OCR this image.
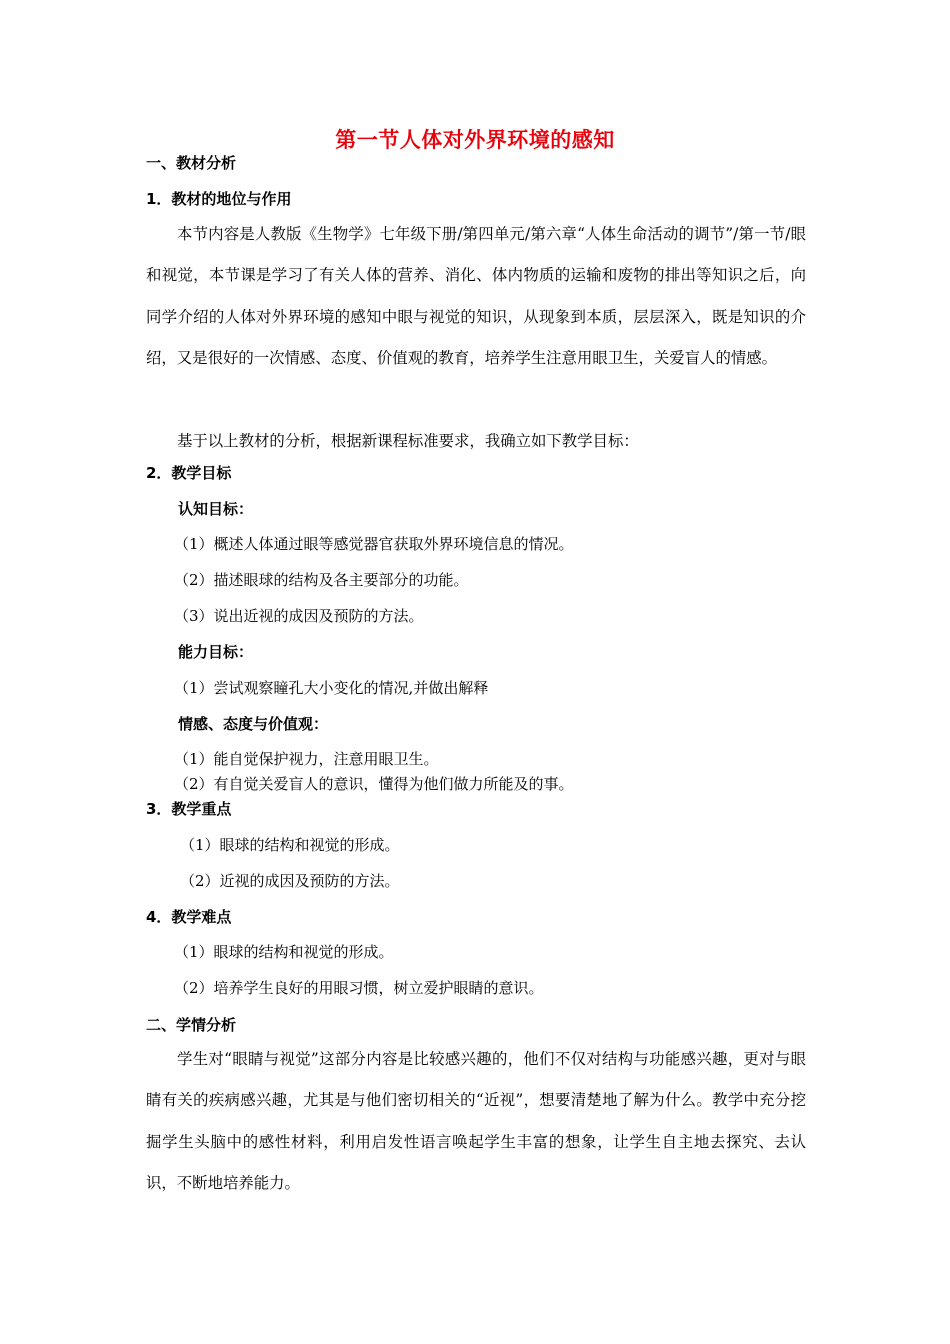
第一节人体对外界环境的感知
一、教材分析
1．教材的地位与作用
本节内容是人教版《生物学》七年级下册/第四单元/第六章“人体生命活动的调节”/第一节/眼和视觉，本节课是学习了有关人体的营养、消化、体内物质的运输和废物的排出等知识之后，向同学介绍的人体对外界环境的感知中眼与视觉的知识，从现象到本质，层层深入，既是知识的介绍，又是很好的一次情感、态度、价值观的教育，培养学生注意用眼卫生，关爱盲人的情感。
基于以上教材的分析，根据新课程标准要求，我确立如下教学目标：
2．教学目标
认知目标：
（1）概述人体通过眼等感觉器官获取外界环境信息的情况。
（2）描述眼球的结构及各主要部分的功能。
（3）说出近视的成因及预防的方法。
能力目标：
（1）尝试观察瞳孔大小变化的情况,并做出解释
情感、态度与价值观：
（1）能自觉保护视力，注意用眼卫生。
（2）有自觉关爱盲人的意识，懂得为他们做力所能及的事。
3．教学重点
（1）眼球的结构和视觉的形成。
（2）近视的成因及预防的方法。
4．教学难点
（1）眼球的结构和视觉的形成。
（2）培养学生良好的用眼习惯，树立爱护眼睛的意识。
二、学情分析
学生对“眼睛与视觉”这部分内容是比较感兴趣的，他们不仅对结构与功能感兴趣，更对与眼睛有关的疾病感兴趣，尤其是与他们密切相关的“近视”，想要清楚地了解为什么。教学中充分挖掘学生头脑中的感性材料，利用启发性语言唤起学生丰富的想象，让学生自主地去探究、去认识，不断地培养能力。
